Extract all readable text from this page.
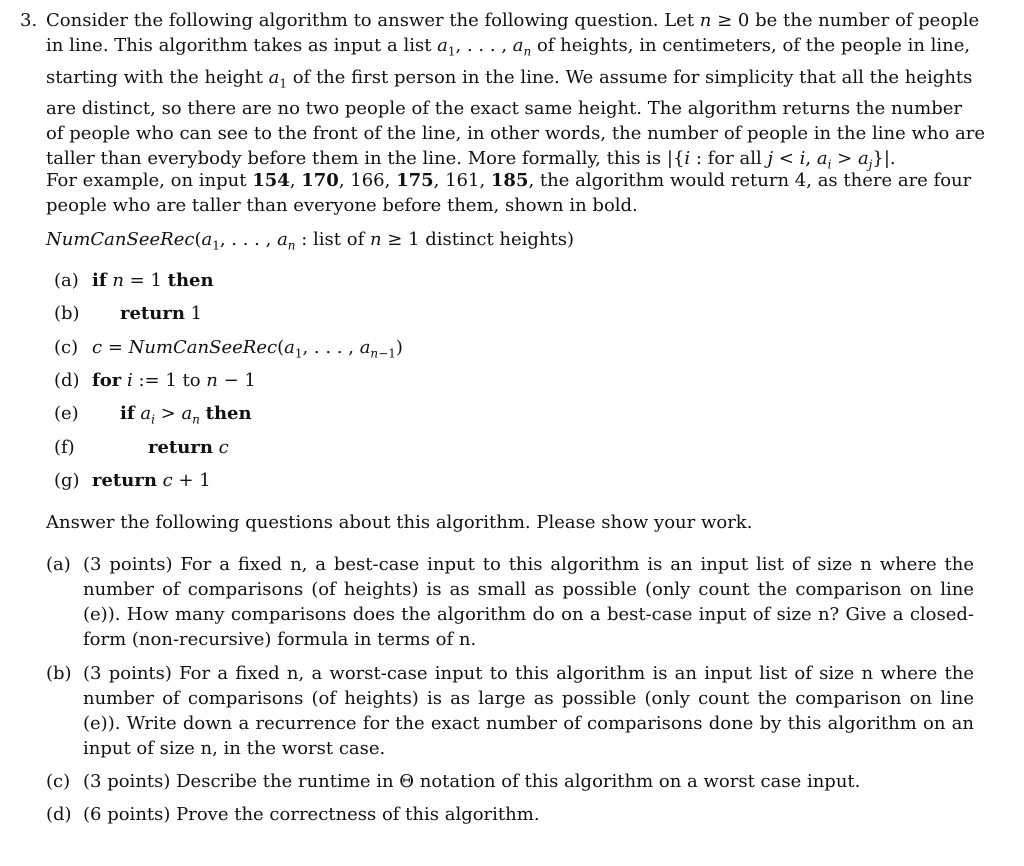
3. Consider the following algorithm to answer the following question. Let n ≥ 0 be the number of people
in line. This algorithm takes as input a list $a_1$, . . . , $a_n$ of heights, in centimeters, of the people in line,
starting with the height $a_1$ of the first person in the line. We assume for simplicity that all the heights
are distinct, so there are no two people of the exact same height. The algorithm returns the number
of people who can see to the front of the line, in other words, the number of people in the line who are
taller than everybody before them in the line. More formally, this is |{i : for all j < i, $a_i > a_j\}|$.
For example, on input 154, 170, 166, 175, 161, 185, the algorithm would return 4, as there are four
people who are taller than everyone before them, shown in bold.
$NumCanSeeRec(a_1$, . . . , $a_n$ : list of n ≥ 1 distinct heights)
(a) if n = 1 then
(b) return 1
(c) $c = NumCanSeeRec(a_1$, . . . , $a_{n-1}$)
(d) for i := 1 to n − 1
(e) if $a_i > a_n$ then
(f)	return c
(g) return c + 1
Answer the following questions about this algorithm. Please show your work.
(a) (3 points) For a fixed n, a best-case input to this algorithm is an input list of size n where the number of comparisons (of heights) is as small as possible (only count the comparison on line (e)). How many comparisons does the algorithm do on a best-case input of size n? Give a closed-form (non-recursive) formula in terms of n.
(b) (3 points) For a fixed n, a worst-case input to this algorithm is an input list of size n where the number of comparisons (of heights) is as large as possible (only count the comparison on line (e)). Write down a recurrence for the exact number of comparisons done by this algorithm on an input of size n, in the worst case.
(c) (3 points) Describe the runtime in Θ notation of this algorithm on a worst case input.
(d) (6 points) Prove the correctness of this algorithm.
